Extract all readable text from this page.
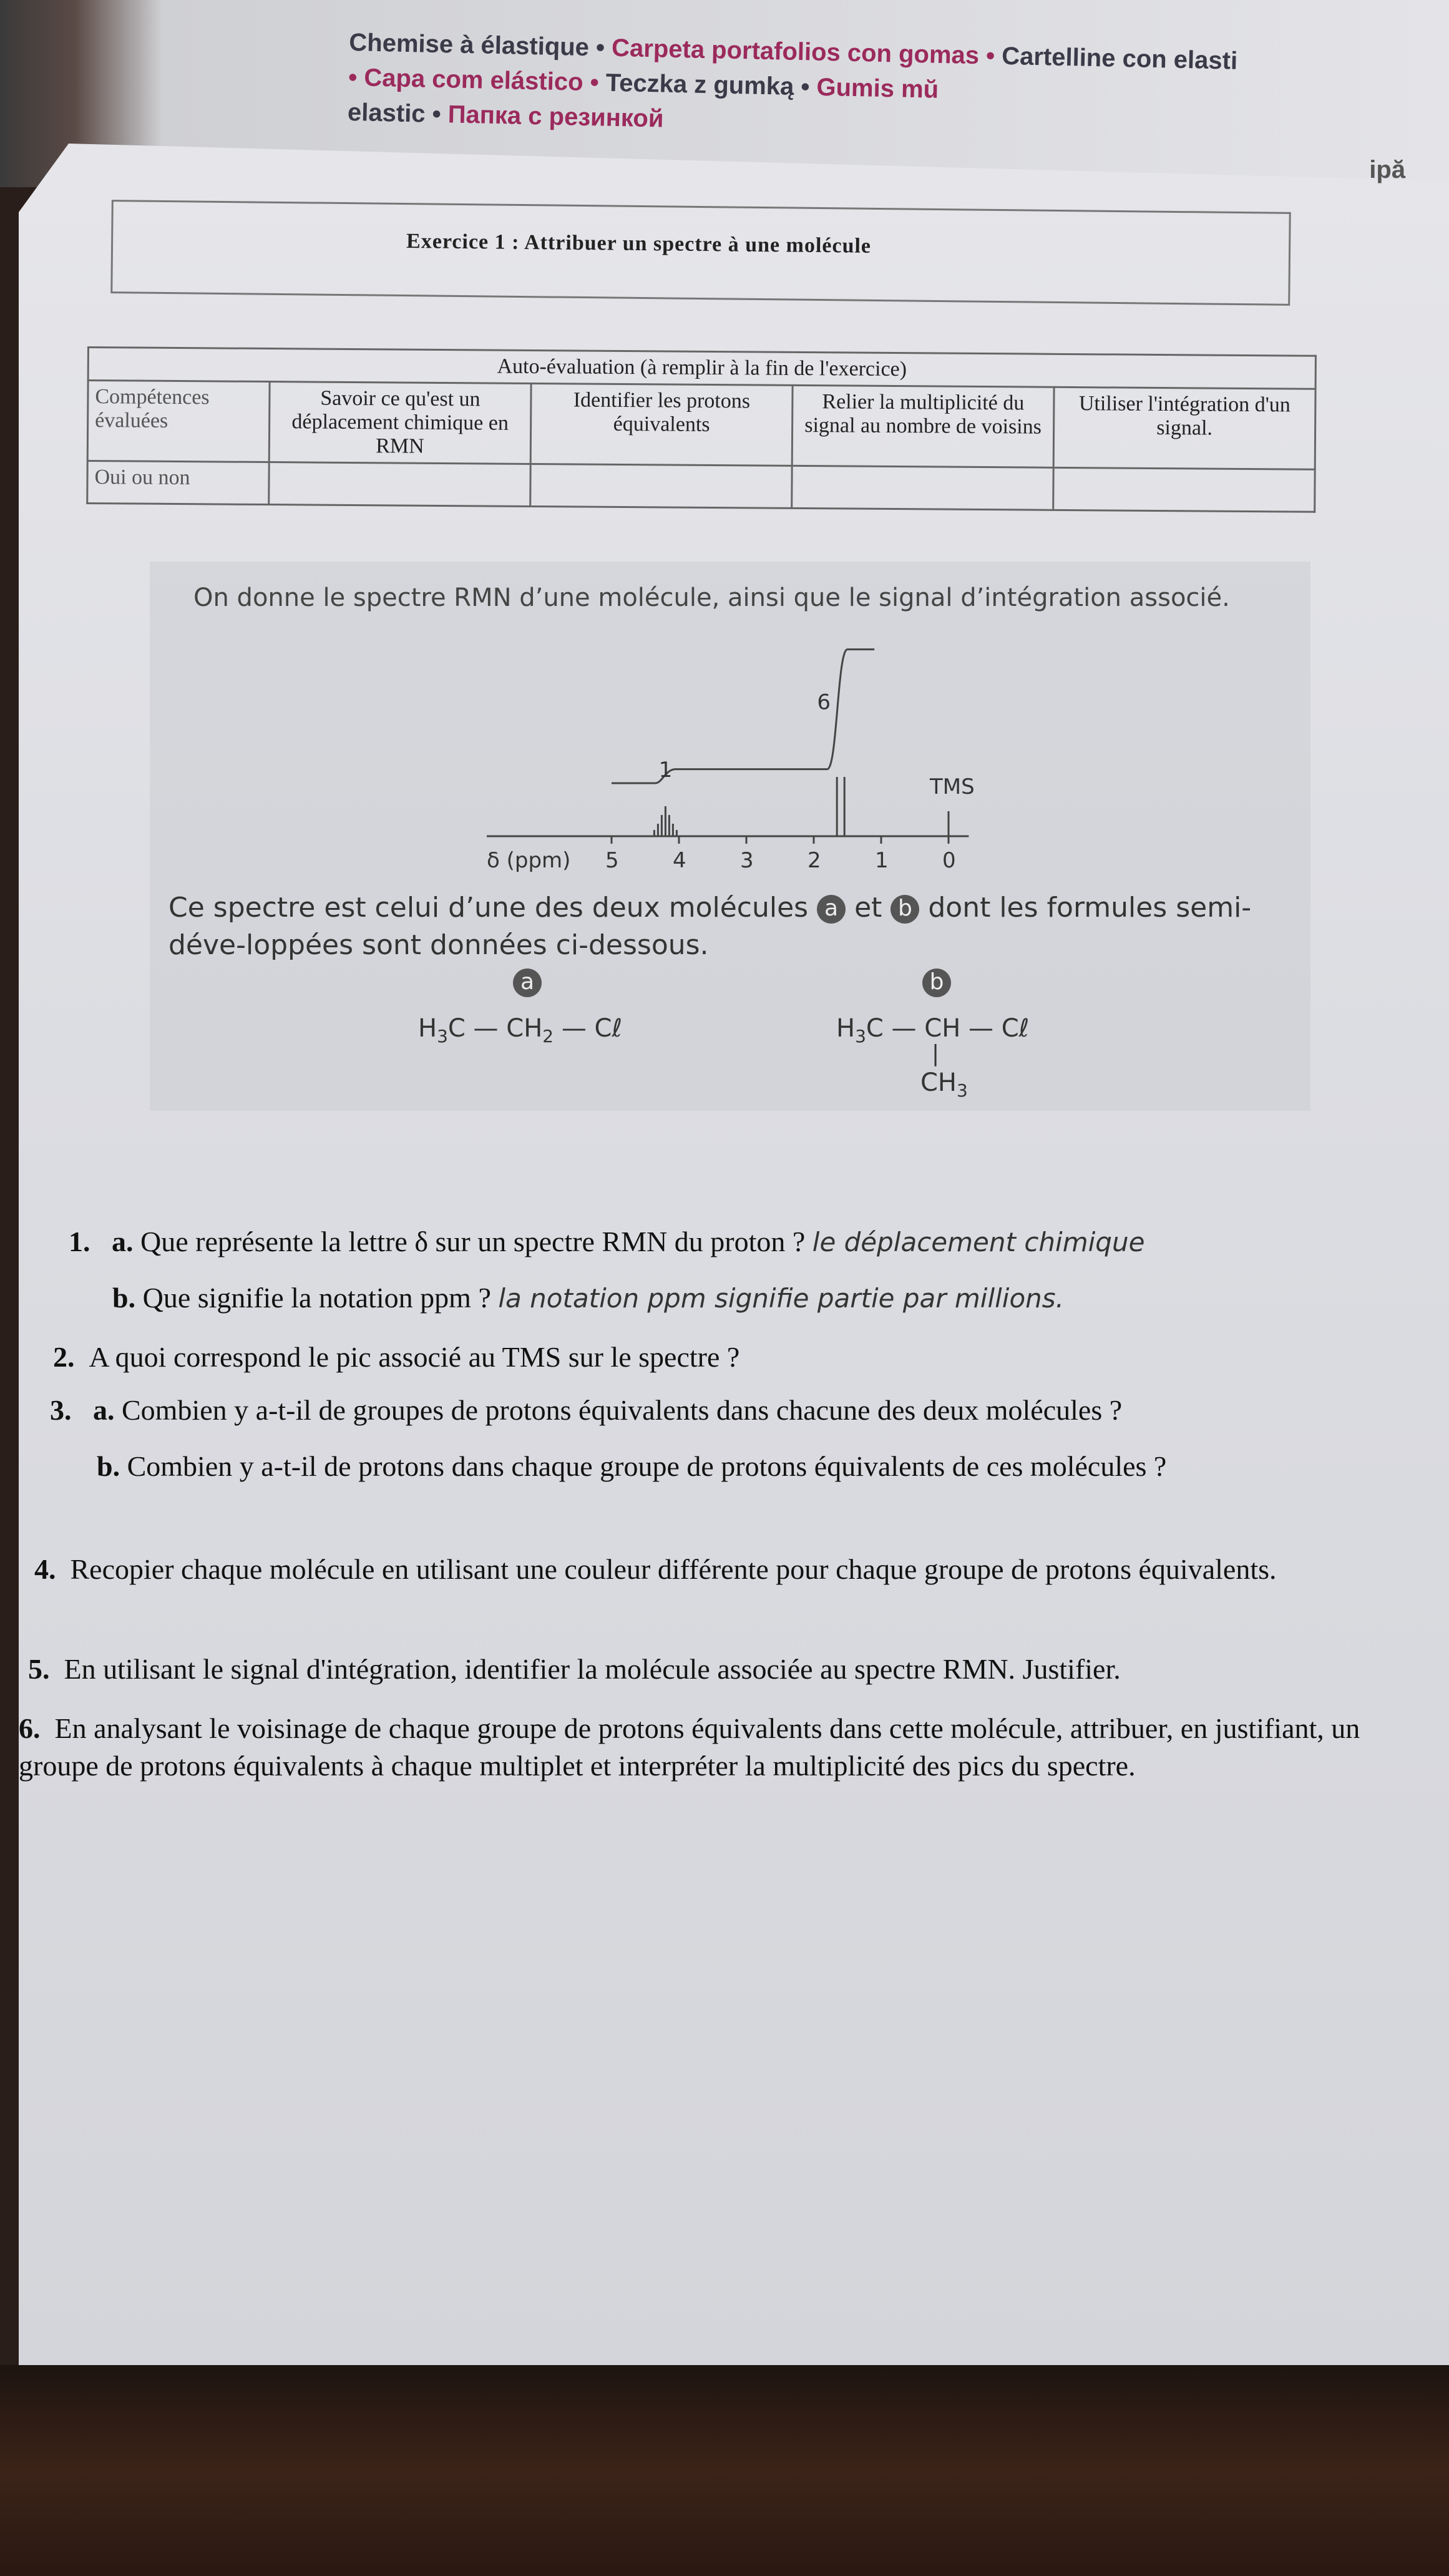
Chemise à élastique • Carpeta portafolios con gomas • Cartelline con elasti
• Capa com elástico • Teczka z gumką • Gumis mŭ
elastic • Папка с резинкой
ipă
Exercice 1 : Attribuer un spectre à une molécule
Auto-évaluation (à remplir à la fin de l'exercice)				
Compétences évaluées	Savoir ce qu'est un déplacement chimique en RMN	Identifier les protons équivalents	Relier la multiplicité du signal au nombre de voisins	Utiliser l'intégration d'un signal.
Oui ou non				
On donne le spectre RMN d’une molécule, ainsi que le signal d’intégration associé.
5	4	3	2	1	0
δ (ppm)
TMS
1
6
Ce spectre est celui d’une des deux molécules a et b dont les formules semi-déve-loppées sont données ci-dessous.
a
$H_3C$ — $CH_2$ — Cℓ
b
$H_3C$ — CH — Cℓ
|
$CH_3$
1. a. Que représente la lettre δ sur un spectre RMN du proton ? le déplacement chimique
b. Que signifie la notation ppm ? la notation ppm signifie partie par millions.
2. A quoi correspond le pic associé au TMS sur le spectre ?
3. a. Combien y a-t-il de groupes de protons équivalents dans chacune des deux molécules ?
b. Combien y a-t-il de protons dans chaque groupe de protons équivalents de ces molécules ?
4. Recopier chaque molécule en utilisant une couleur différente pour chaque groupe de protons équivalents.
5. En utilisant le signal d'intégration, identifier la molécule associée au spectre RMN. Justifier.
6. En analysant le voisinage de chaque groupe de protons équivalents dans cette molécule, attribuer, en justifiant, un groupe de protons équivalents à chaque multiplet et interpréter la multiplicité des pics du spectre.
